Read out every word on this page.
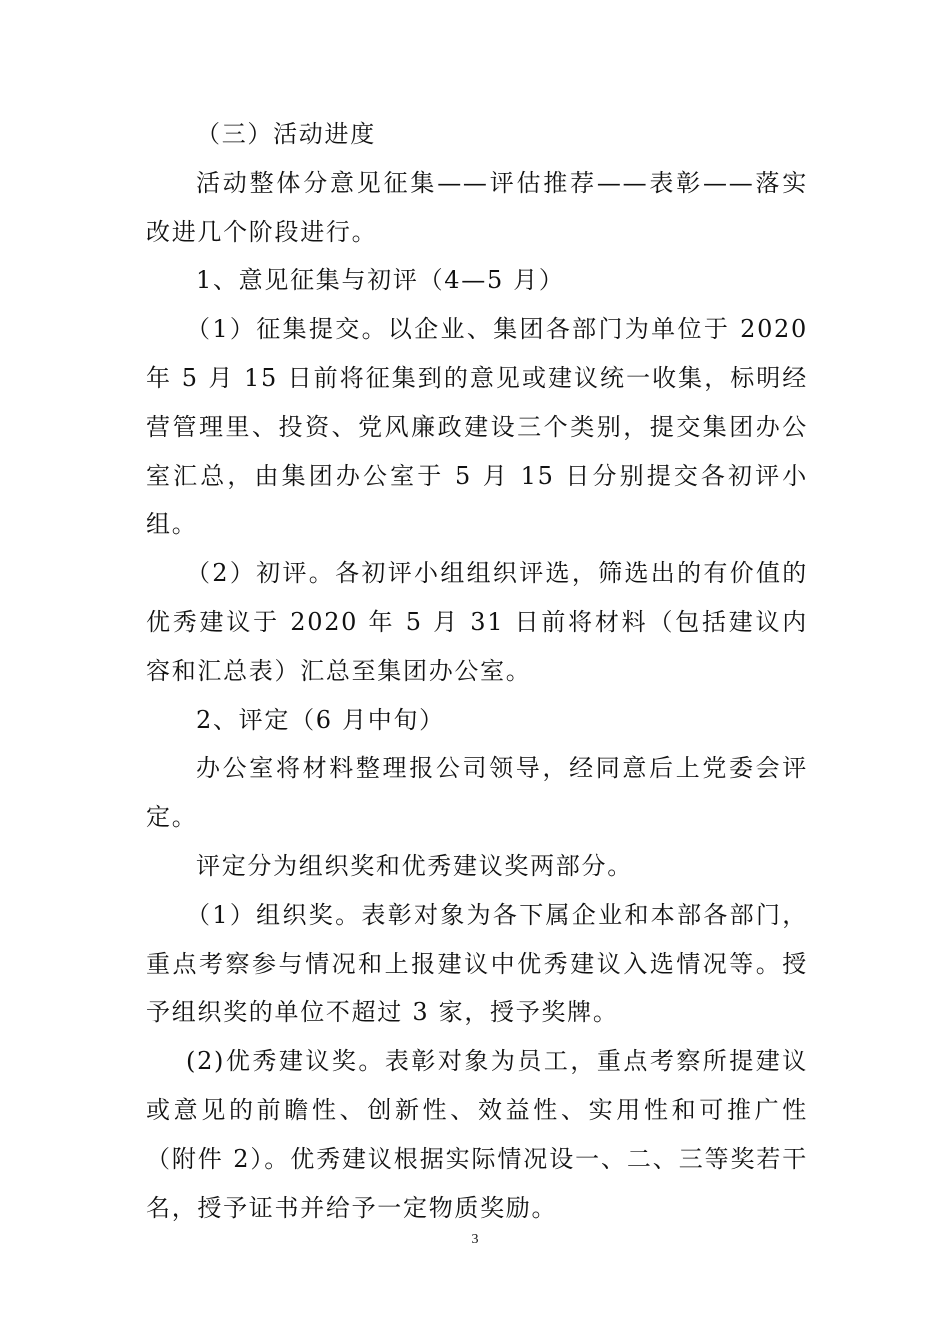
（三）活动进度

活动整体分意见征集——评估推荐——表彰——落实改进几个阶段进行。

1、意见征集与初评（4—5 月）

（1）征集提交。以企业、集团各部门为单位于 2020 年 5 月 15 日前将征集到的意见或建议统一收集，标明经营管理里、投资、党风廉政建设三个类别，提交集团办公室汇总，由集团办公室于 5 月 15 日分别提交各初评小组。

（2）初评。各初评小组组织评选，筛选出的有价值的优秀建议于 2020 年 5 月 31 日前将材料（包括建议内容和汇总表）汇总至集团办公室。

2、评定（6 月中旬）

办公室将材料整理报公司领导，经同意后上党委会评定。

评定分为组织奖和优秀建议奖两部分。

（1）组织奖。表彰对象为各下属企业和本部各部门，重点考察参与情况和上报建议中优秀建议入选情况等。授予组织奖的单位不超过 3 家，授予奖牌。

(2)优秀建议奖。表彰对象为员工，重点考察所提建议或意见的前瞻性、创新性、效益性、实用性和可推广性（附件 2）。优秀建议根据实际情况设一、二、三等奖若干名，授予证书并给予一定物质奖励。

3
